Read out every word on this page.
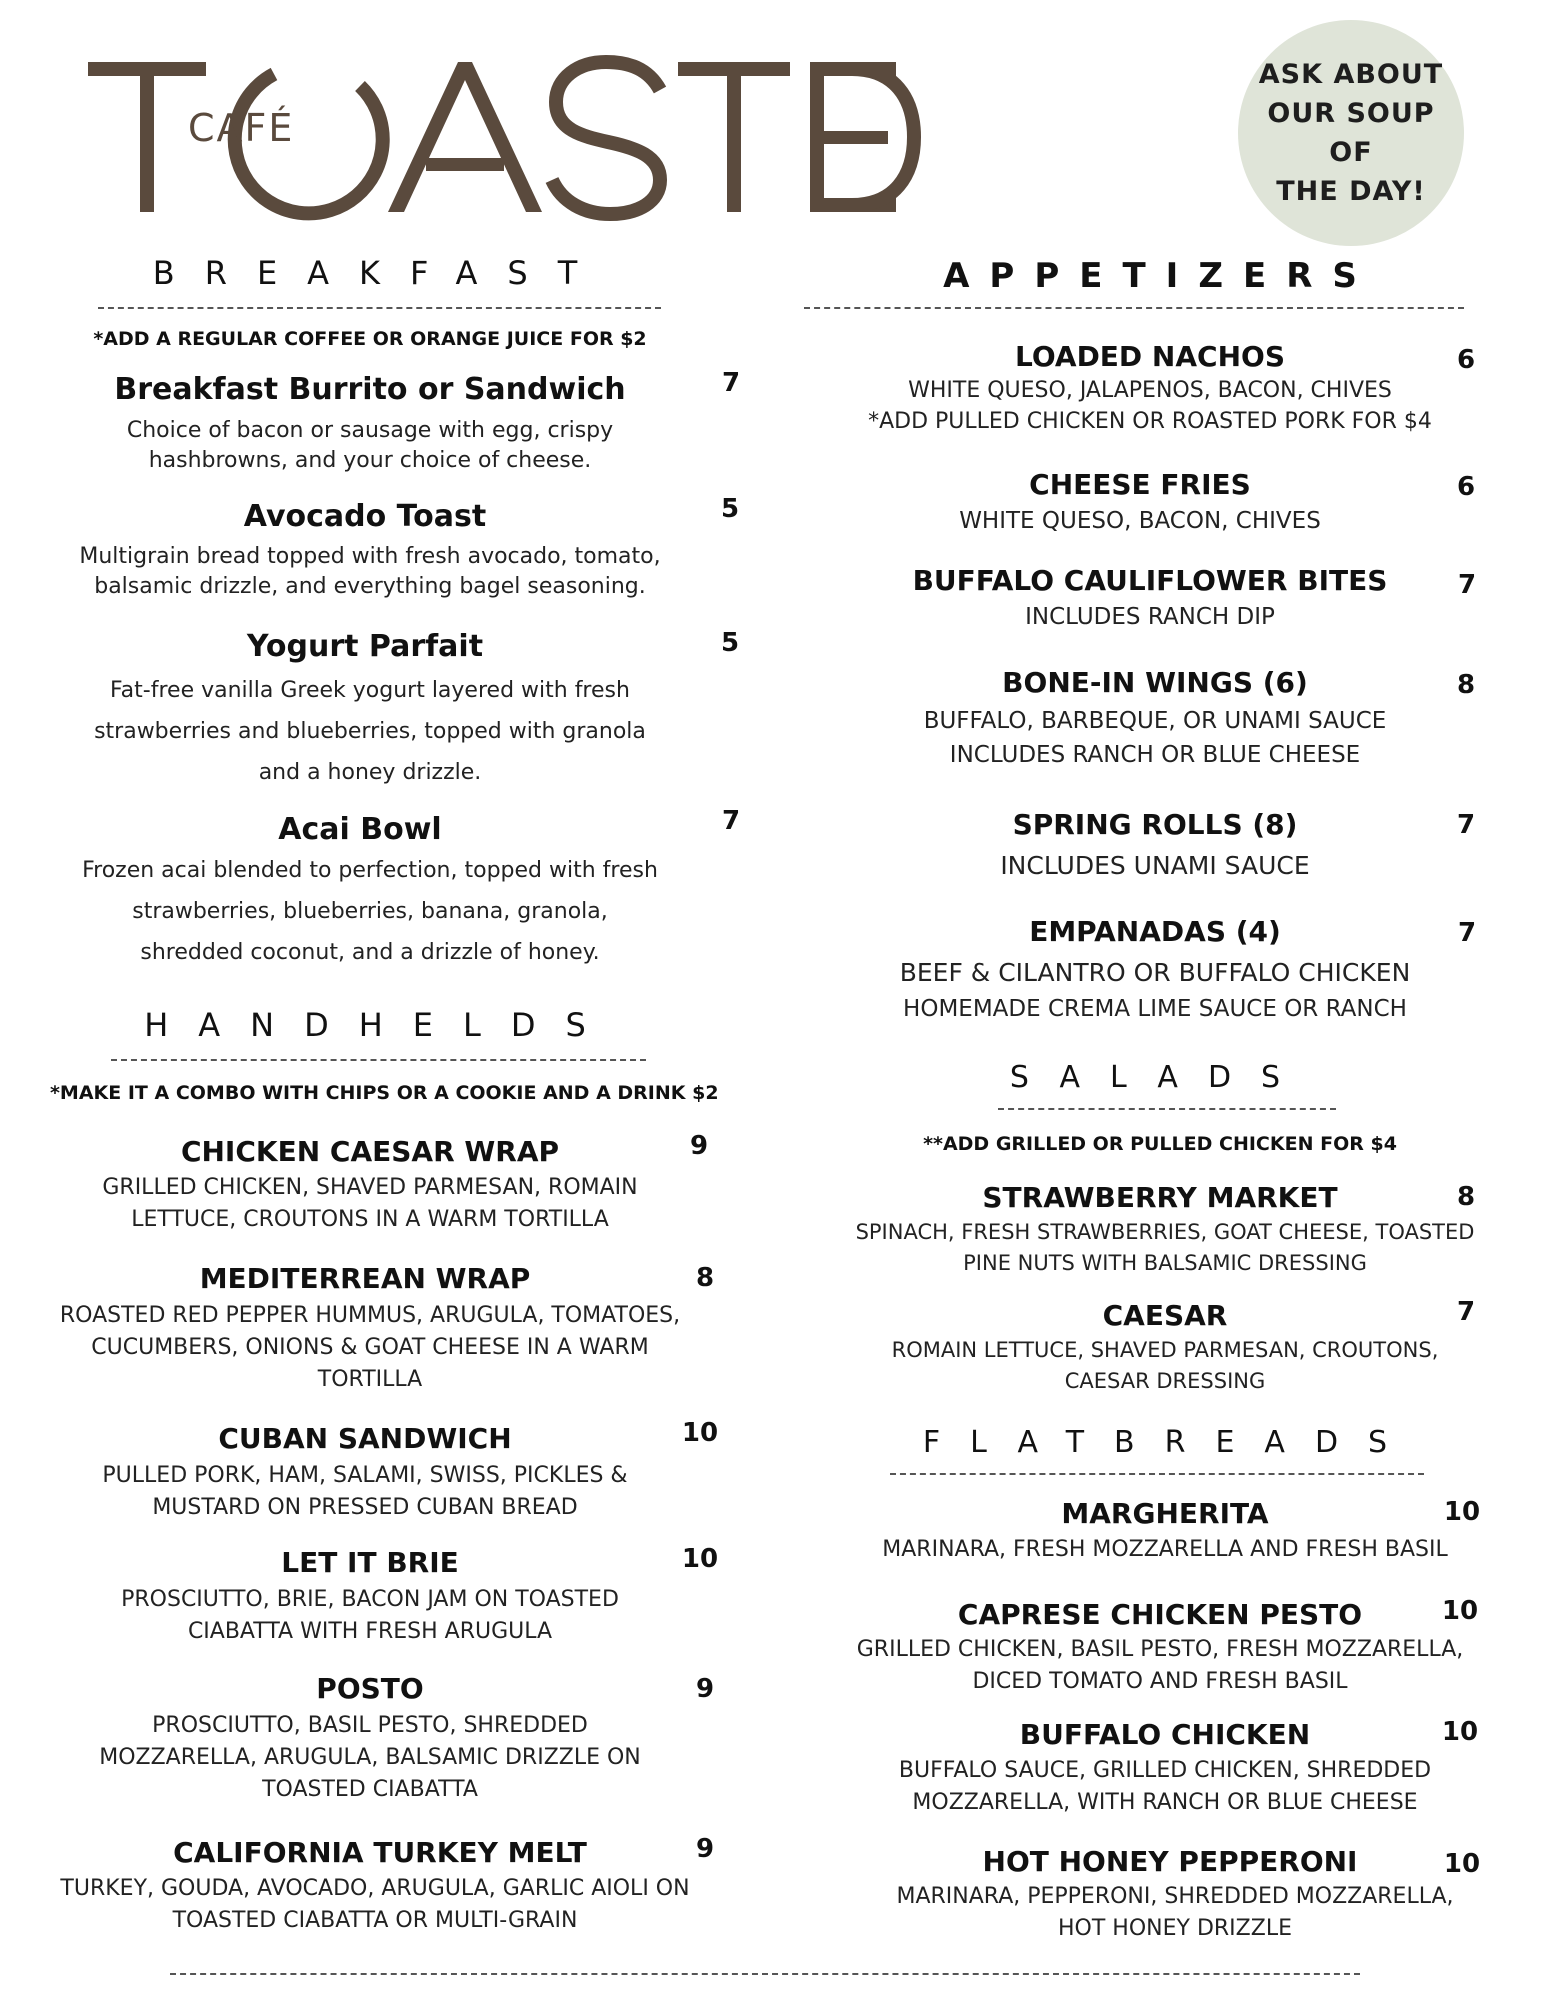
CAFÉ
ASK ABOUT
OUR SOUP OF
THE DAY!
BREAKFAST
*ADD A REGULAR COFFEE OR ORANGE JUICE FOR $2
Breakfast Burrito or Sandwich	7
Choice of bacon or sausage with egg, crispy
hashbrowns, and your choice of cheese.
Avocado Toast	5
Multigrain bread topped with fresh avocado, tomato,
balsamic drizzle, and everything bagel seasoning.
Yogurt Parfait	5
Fat-free vanilla Greek yogurt layered with fresh
strawberries and blueberries, topped with granola
and a honey drizzle.
Acai Bowl	7
Frozen acai blended to perfection, topped with fresh
strawberries, blueberries, banana, granola,
shredded coconut, and a drizzle of honey.
HANDHELDS
*MAKE IT A COMBO WITH CHIPS OR A COOKIE AND A DRINK $2
CHICKEN CAESAR WRAP	9
GRILLED CHICKEN, SHAVED PARMESAN, ROMAIN
LETTUCE, CROUTONS IN A WARM TORTILLA
MEDITERREAN WRAP	8
ROASTED RED PEPPER HUMMUS, ARUGULA, TOMATOES,
CUCUMBERS, ONIONS & GOAT CHEESE IN A WARM
TORTILLA
CUBAN SANDWICH	10
PULLED PORK, HAM, SALAMI, SWISS, PICKLES &
MUSTARD ON PRESSED CUBAN BREAD
LET IT BRIE	10
PROSCIUTTO, BRIE, BACON JAM ON TOASTED
CIABATTA WITH FRESH ARUGULA
POSTO	9
PROSCIUTTO, BASIL PESTO, SHREDDED
MOZZARELLA, ARUGULA, BALSAMIC DRIZZLE ON
TOASTED CIABATTA
CALIFORNIA TURKEY MELT	9
TURKEY, GOUDA, AVOCADO, ARUGULA, GARLIC AIOLI ON
TOASTED CIABATTA OR MULTI-GRAIN
APPETIZERS
LOADED NACHOS	6
WHITE QUESO, JALAPENOS, BACON, CHIVES
*ADD PULLED CHICKEN OR ROASTED PORK FOR $4
CHEESE FRIES	6
WHITE QUESO, BACON, CHIVES
BUFFALO CAULIFLOWER BITES	7
INCLUDES RANCH DIP
BONE-IN WINGS (6)	8
BUFFALO, BARBEQUE, OR UNAMI SAUCE
INCLUDES RANCH OR BLUE CHEESE
SPRING ROLLS (8)	7
INCLUDES UNAMI SAUCE
EMPANADAS (4)	7
BEEF & CILANTRO OR BUFFALO CHICKEN
HOMEMADE CREMA LIME SAUCE OR RANCH
SALADS
**ADD GRILLED OR PULLED CHICKEN FOR $4
STRAWBERRY MARKET	8
SPINACH, FRESH STRAWBERRIES, GOAT CHEESE, TOASTED
PINE NUTS WITH BALSAMIC DRESSING
CAESAR	7
ROMAIN LETTUCE, SHAVED PARMESAN, CROUTONS,
CAESAR DRESSING
FLATBREADS
MARGHERITA	10
MARINARA, FRESH MOZZARELLA AND FRESH BASIL
CAPRESE CHICKEN PESTO	10
GRILLED CHICKEN, BASIL PESTO, FRESH MOZZARELLA,
DICED TOMATO AND FRESH BASIL
BUFFALO CHICKEN	10
BUFFALO SAUCE, GRILLED CHICKEN, SHREDDED
MOZZARELLA, WITH RANCH OR BLUE CHEESE
HOT HONEY PEPPERONI	10
MARINARA, PEPPERONI, SHREDDED MOZZARELLA,
HOT HONEY DRIZZLE
